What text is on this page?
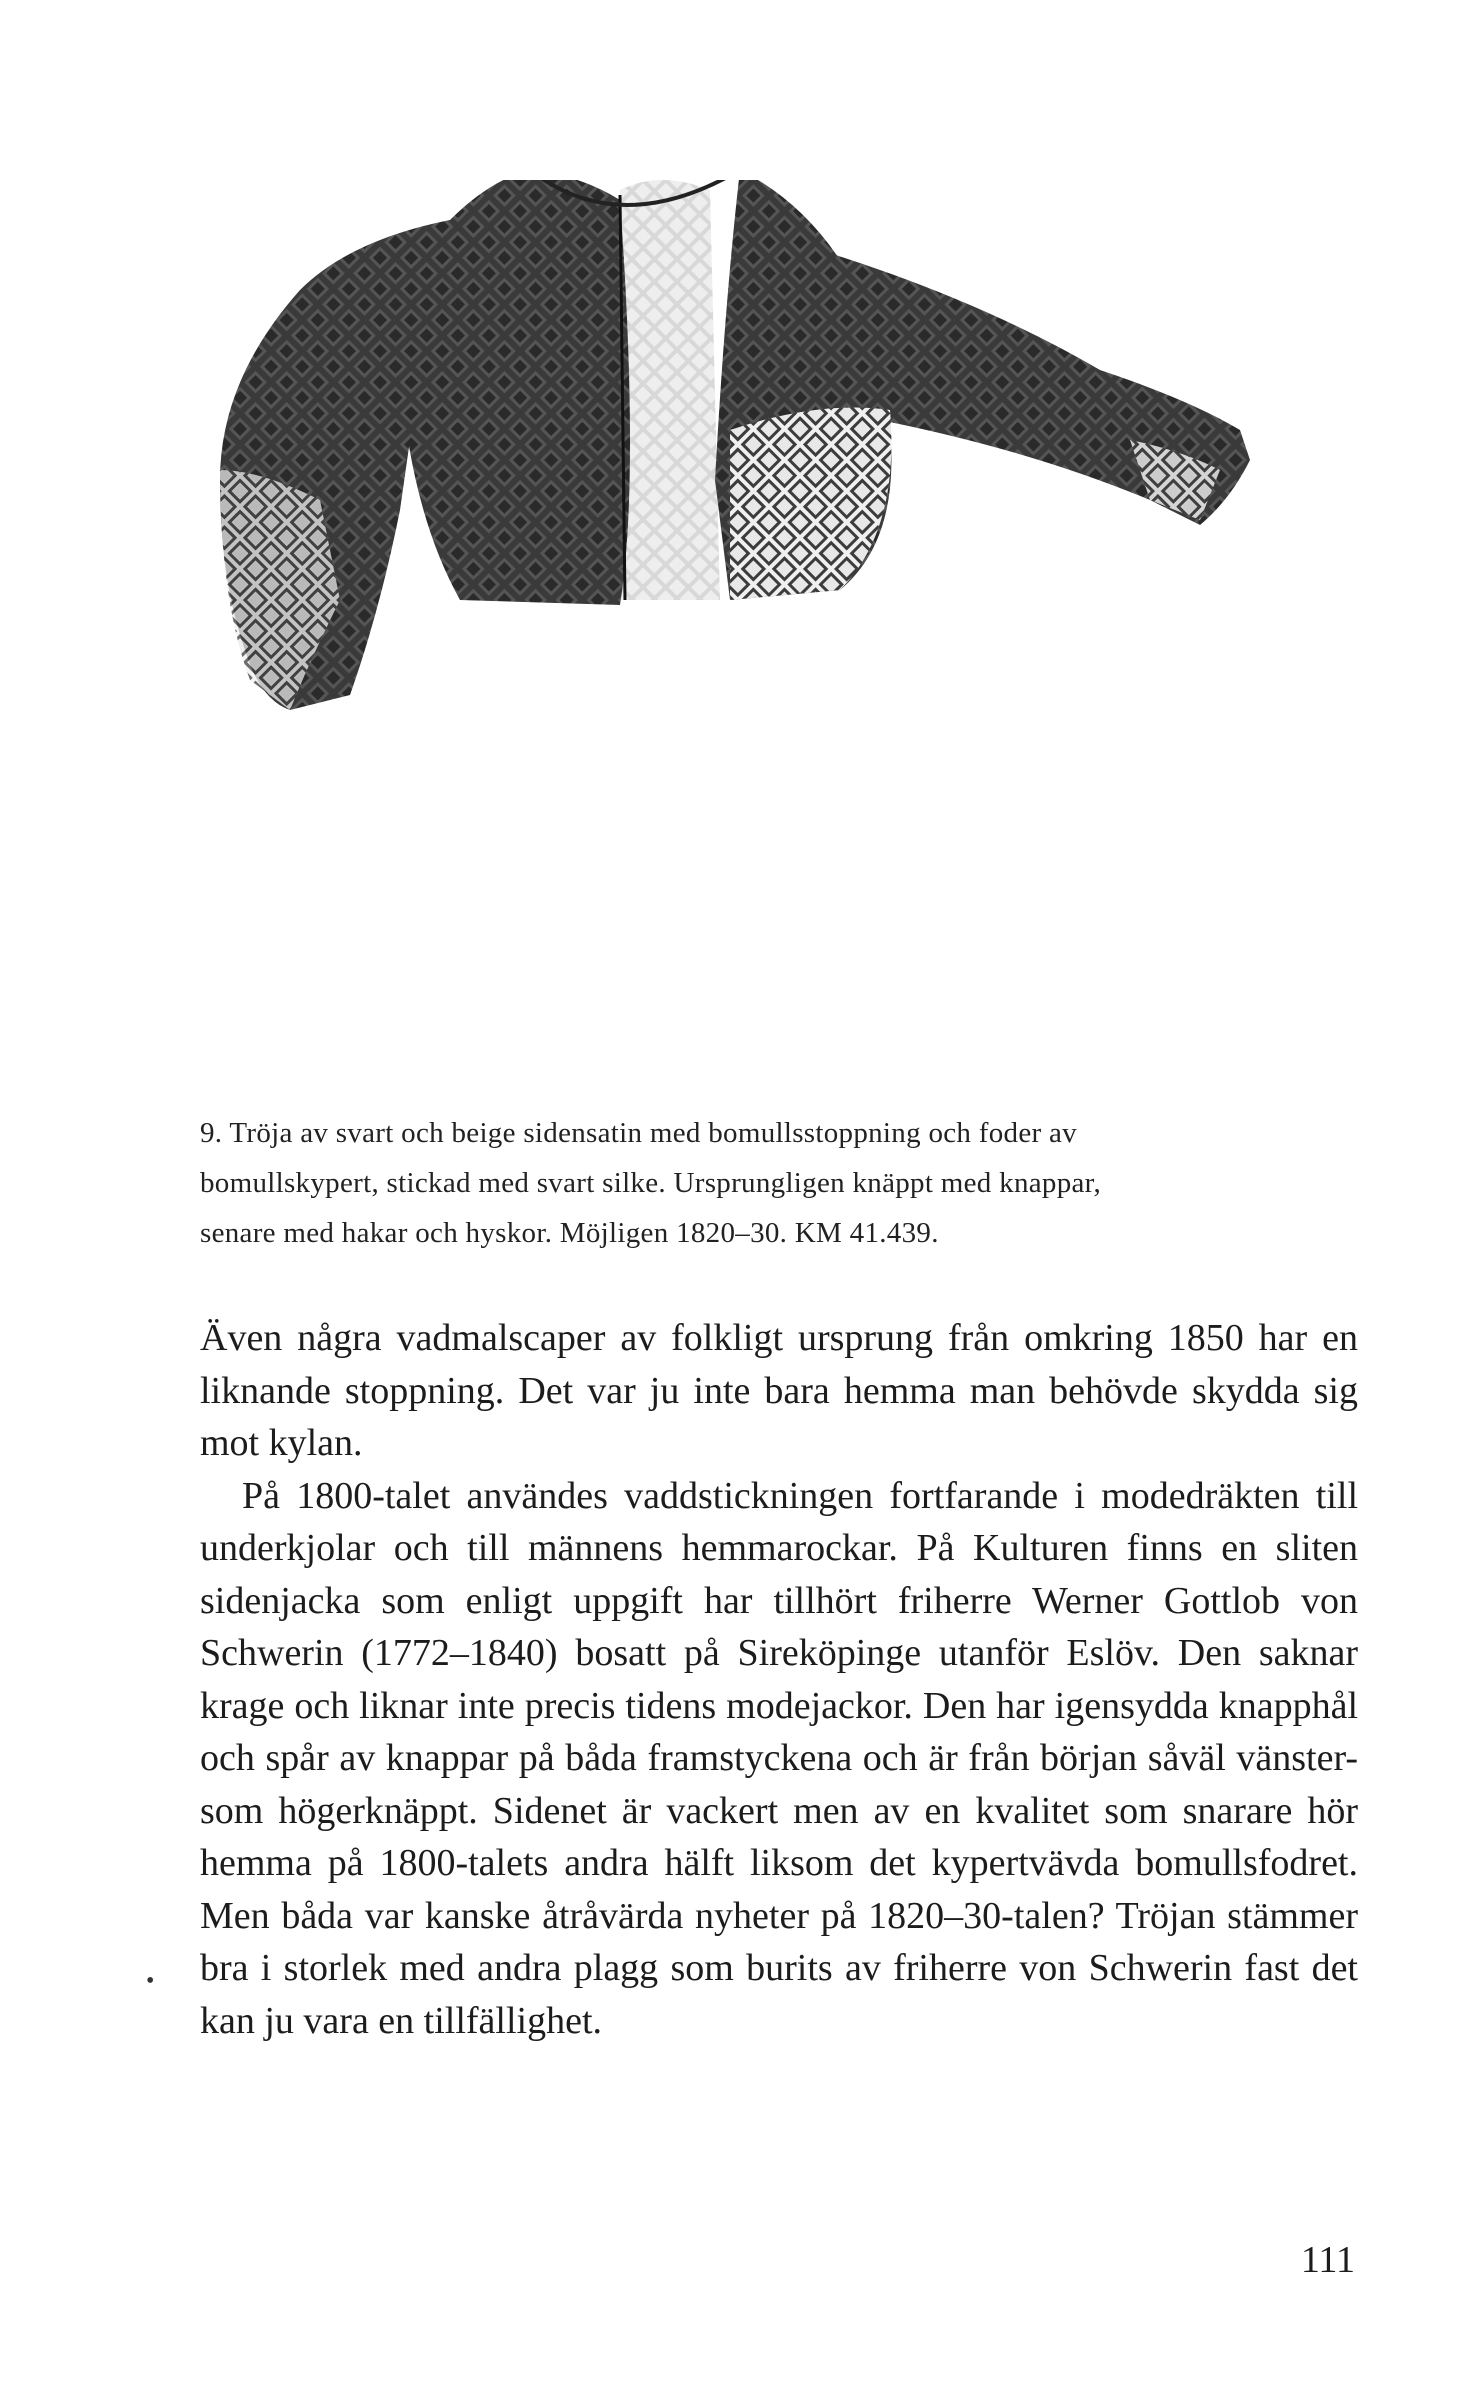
9. Tröja av svart och beige sidensatin med bomullsstoppning och foder av
bomullskypert, stickad med svart silke. Ursprungligen knäppt med knappar,
senare med hakar och hyskor. Möjligen 1820–30. KM 41.439.

Även några vadmalscaper av folkligt ursprung från omkring 1850 har en liknande stoppning. Det var ju inte bara hemma man behövde skydda sig mot kylan.

På 1800-talet användes vaddstickningen fortfarande i modedräkten till underkjolar och till männens hemmarockar. På Kulturen finns en sliten sidenjacka som enligt uppgift har tillhört friherre Werner Gottlob von Schwerin (1772–1840) bosatt på Sireköpinge utanför Eslöv. Den saknar krage och liknar inte precis tidens modejackor. Den har igensydda knapphål och spår av knappar på båda framstyckena och är från början såväl vänster- som högerknäppt. Sidenet är vackert men av en kvalitet som snarare hör hemma på 1800-talets andra hälft liksom det kypertvävda bomullsfodret. Men båda var kanske åtråvärda nyheter på 1820–30-talen? Tröjan stämmer bra i storlek med andra plagg som burits av friherre von Schwerin fast det kan ju vara en tillfällighet.

•
111
